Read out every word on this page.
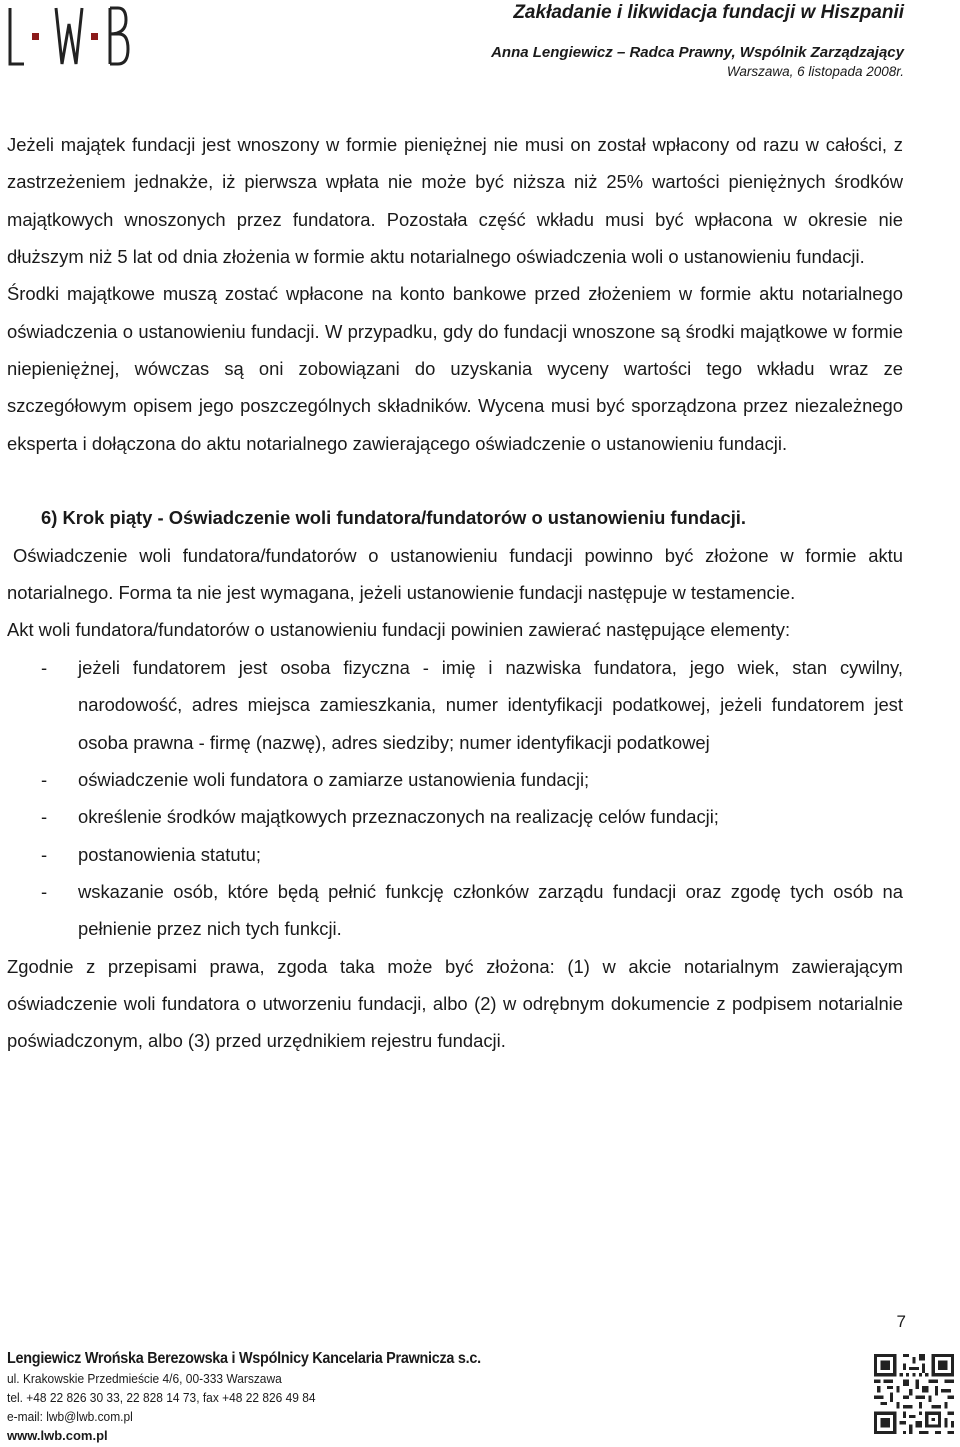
Zakładanie i likwidacja fundacji w Hiszpanii
Anna Lengiewicz – Radca Prawny, Wspólnik Zarządzający
Warszawa, 6 listopada 2008r.

Jeżeli majątek fundacji jest wnoszony w formie pieniężnej nie musi on został wpłacony od razu w całości, z zastrzeżeniem jednakże, iż pierwsza wpłata nie może być niższa niż 25% wartości pieniężnych środków majątkowych wnoszonych przez fundatora. Pozostała część wkładu musi być wpłacona w okresie nie dłuższym niż 5 lat od dnia złożenia w formie aktu notarialnego oświadczenia woli o ustanowieniu fundacji.

Środki majątkowe muszą zostać wpłacone na konto bankowe przed złożeniem w formie aktu notarialnego oświadczenia o ustanowieniu fundacji. W przypadku, gdy do fundacji wnoszone są środki majątkowe w formie niepieniężnej, wówczas są oni zobowiązani do uzyskania wyceny wartości tego wkładu wraz ze szczegółowym opisem jego poszczególnych składników. Wycena musi być sporządzona przez niezależnego eksperta i dołączona do aktu notarialnego zawierającego oświadczenie o ustanowieniu fundacji.

6) Krok piąty - Oświadczenie woli fundatora/fundatorów o ustanowieniu fundacji.

Oświadczenie woli fundatora/fundatorów o ustanowieniu fundacji powinno być złożone w formie aktu notarialnego. Forma ta nie jest wymagana, jeżeli ustanowienie fundacji następuje w testamencie.

Akt woli fundatora/fundatorów o ustanowieniu fundacji powinien zawierać następujące elementy:

- jeżeli fundatorem jest osoba fizyczna - imię i nazwiska fundatora, jego wiek, stan cywilny, narodowość, adres miejsca zamieszkania, numer identyfikacji podatkowej, jeżeli fundatorem jest osoba prawna - firmę (nazwę), adres siedziby; numer identyfikacji podatkowej
- oświadczenie woli fundatora o zamiarze ustanowienia fundacji;
- określenie środków majątkowych przeznaczonych na realizację celów fundacji;
- postanowienia statutu;
- wskazanie osób, które będą pełnić funkcję członków zarządu fundacji oraz zgodę tych osób na pełnienie przez nich tych funkcji.

Zgodnie z przepisami prawa, zgoda taka może być złożona: (1) w akcie notarialnym zawierającym oświadczenie woli fundatora o utworzeniu fundacji, albo (2) w odrębnym dokumencie z podpisem notarialnie poświadczonym, albo (3) przed urzędnikiem rejestru fundacji.

7
Lengiewicz Wrońska Berezowska i Wspólnicy Kancelaria Prawnicza s.c.
ul. Krakowskie Przedmieście 4/6, 00-333 Warszawa
tel. +48 22 826 30 33, 22 828 14 73, fax +48 22 826 49 84
e-mail: lwb@lwb.com.pl
www.lwb.com.pl
